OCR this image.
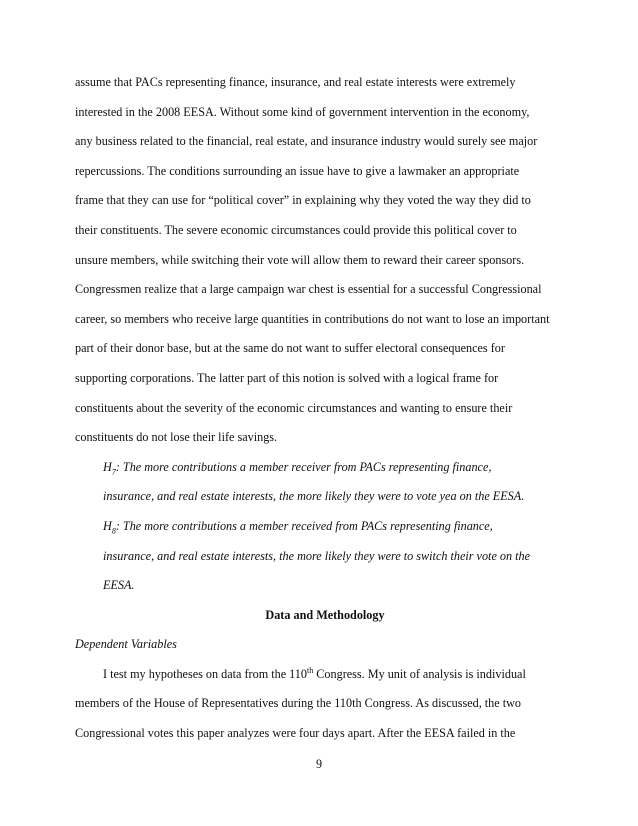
assume that PACs representing finance, insurance, and real estate interests were extremely
interested in the 2008 EESA. Without some kind of government intervention in the economy,
any business related to the financial, real estate, and insurance industry would surely see major
repercussions. The conditions surrounding an issue have to give a lawmaker an appropriate
frame that they can use for “political cover” in explaining why they voted the way they did to
their constituents. The severe economic circumstances could provide this political cover to
unsure members, while switching their vote will allow them to reward their career sponsors.
Congressmen realize that a large campaign war chest is essential for a successful Congressional
career, so members who receive large quantities in contributions do not want to lose an important
part of their donor base, but at the same do not want to suffer electoral consequences for
supporting corporations. The latter part of this notion is solved with a logical frame for
constituents about the severity of the economic circumstances and wanting to ensure their
constituents do not lose their life savings.
$H_7$: The more contributions a member receiver from PACs representing finance,
insurance, and real estate interests, the more likely they were to vote yea on the EESA.
$H_8$: The more contributions a member received from PACs representing finance,
insurance, and real estate interests, the more likely they were to switch their vote on the
EESA.
Data and Methodology
Dependent Variables
I test my hypotheses on data from the 110th Congress. My unit of analysis is individual
members of the House of Representatives during the 110th Congress. As discussed, the two
Congressional votes this paper analyzes were four days apart. After the EESA failed in the
9
